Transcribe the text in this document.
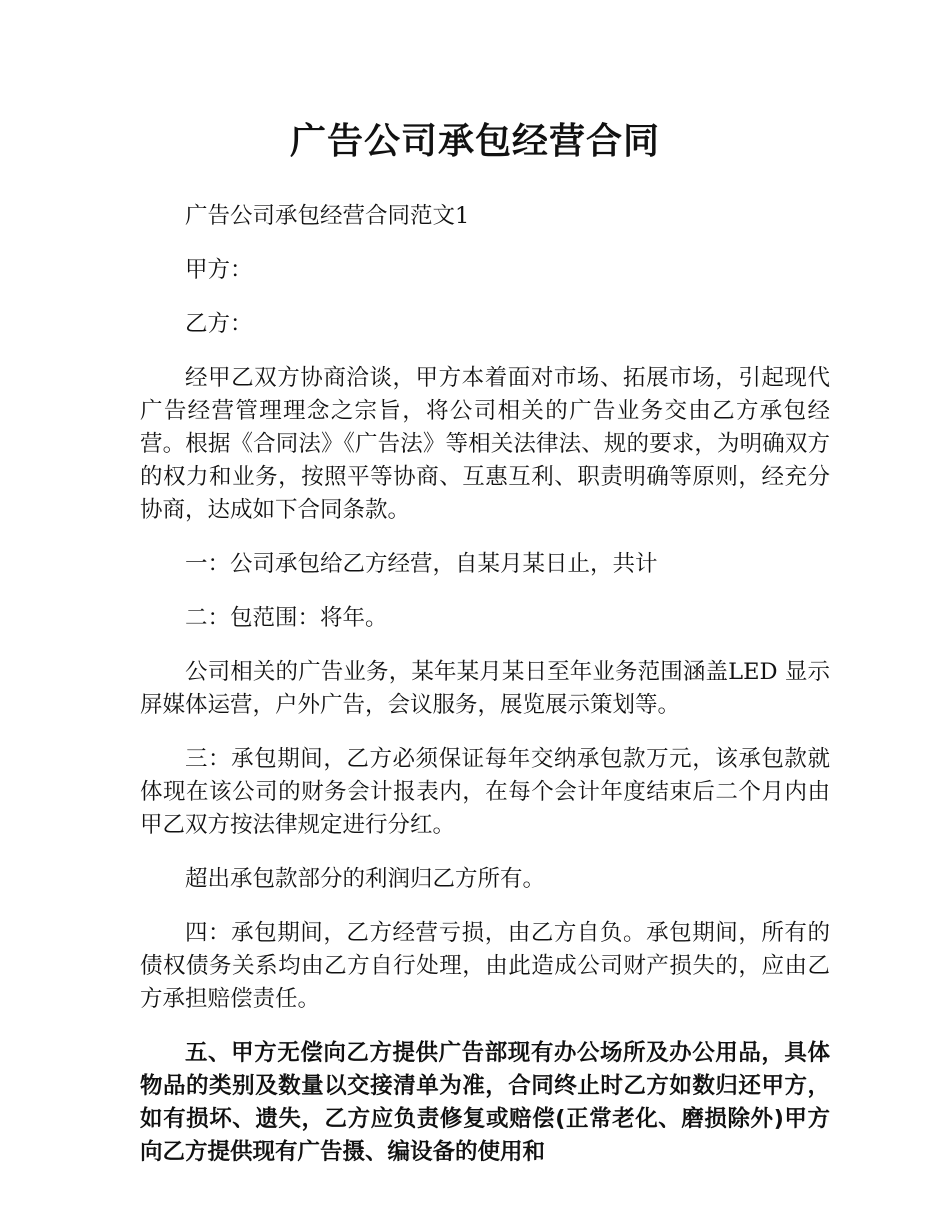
广告公司承包经营合同

广告公司承包经营合同范文1

甲方：

乙方：

经甲乙双方协商洽谈，甲方本着面对市场、拓展市场，引起现代广告经营管理理念之宗旨，将公司相关的广告业务交由乙方承包经营。根据《合同法》《广告法》等相关法律法、规的要求，为明确双方的权力和业务，按照平等协商、互惠互利、职责明确等原则，经充分协商，达成如下合同条款。

一：公司承包给乙方经营，自某月某日止，共计

二：包范围：将年。

公司相关的广告业务，某年某月某日至年业务范围涵盖LED 显示屏媒体运营，户外广告，会议服务，展览展示策划等。

三：承包期间，乙方必须保证每年交纳承包款万元，该承包款就体现在该公司的财务会计报表内，在每个会计年度结束后二个月内由甲乙双方按法律规定进行分红。

超出承包款部分的利润归乙方所有。

四：承包期间，乙方经营亏损，由乙方自负。承包期间，所有的债权债务关系均由乙方自行处理，由此造成公司财产损失的，应由乙方承担赔偿责任。

五、甲方无偿向乙方提供广告部现有办公场所及办公用品，具体物品的类别及数量以交接清单为准，合同终止时乙方如数归还甲方，如有损坏、遗失，乙方应负责修复或赔偿(正常老化、磨损除外)甲方向乙方提供现有广告摄、编设备的使用和
